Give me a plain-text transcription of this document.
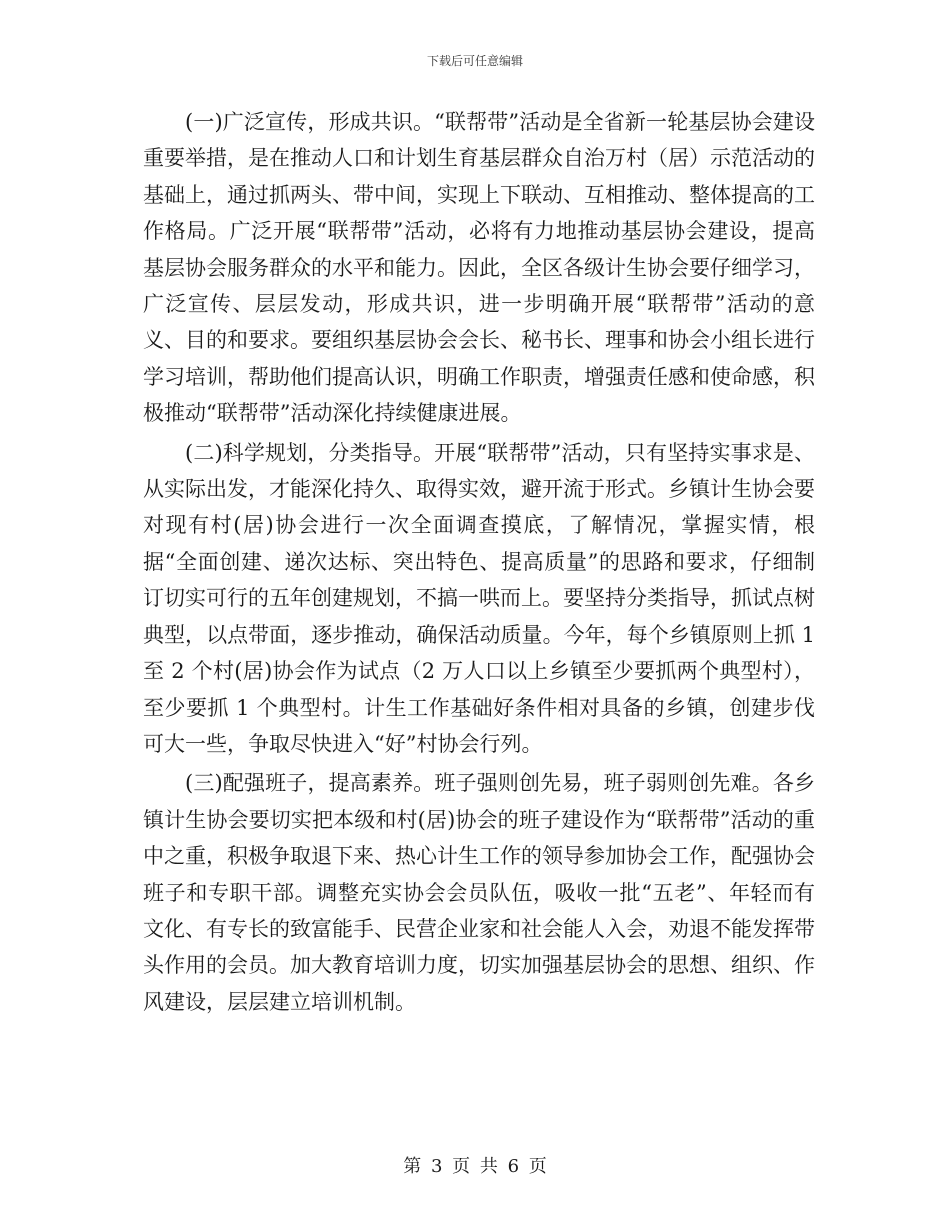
下载后可任意编辑

(一)广泛宣传，形成共识。“联帮带”活动是全省新一轮基层协会建设重要举措，是在推动人口和计划生育基层群众自治万村（居）示范活动的基础上，通过抓两头、带中间，实现上下联动、互相推动、整体提高的工作格局。广泛开展“联帮带”活动，必将有力地推动基层协会建设，提高基层协会服务群众的水平和能力。因此，全区各级计生协会要仔细学习，广泛宣传、层层发动，形成共识，进一步明确开展“联帮带”活动的意义、目的和要求。要组织基层协会会长、秘书长、理事和协会小组长进行学习培训，帮助他们提高认识，明确工作职责，增强责任感和使命感，积极推动“联帮带”活动深化持续健康进展。

(二)科学规划，分类指导。开展“联帮带”活动，只有坚持实事求是、从实际出发，才能深化持久、取得实效，避开流于形式。乡镇计生协会要对现有村(居)协会进行一次全面调查摸底，了解情况，掌握实情，根据“全面创建、递次达标、突出特色、提高质量”的思路和要求，仔细制订切实可行的五年创建规划，不搞一哄而上。要坚持分类指导，抓试点树典型，以点带面，逐步推动，确保活动质量。今年，每个乡镇原则上抓 1 至 2 个村(居)协会作为试点（2 万人口以上乡镇至少要抓两个典型村），至少要抓 1 个典型村。计生工作基础好条件相对具备的乡镇，创建步伐可大一些，争取尽快进入“好”村协会行列。

(三)配强班子，提高素养。班子强则创先易，班子弱则创先难。各乡镇计生协会要切实把本级和村(居)协会的班子建设作为“联帮带”活动的重中之重，积极争取退下来、热心计生工作的领导参加协会工作，配强协会班子和专职干部。调整充实协会会员队伍，吸收一批“五老”、年轻而有文化、有专长的致富能手、民营企业家和社会能人入会，劝退不能发挥带头作用的会员。加大教育培训力度，切实加强基层协会的思想、组织、作风建设，层层建立培训机制。

第 3 页 共 6 页
